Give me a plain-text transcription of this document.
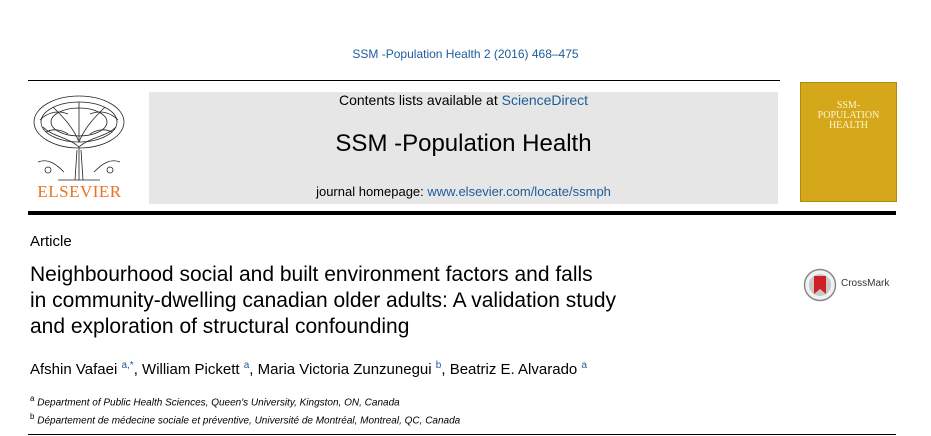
SSM -Population Health 2 (2016) 468–475
ELSEVIER
Contents lists available at ScienceDirect
SSM -Population Health
journal homepage: www.elsevier.com/locate/ssmph
SSM-
POPULATION
HEALTH
Article
Neighbourhood social and built environment factors and falls
in community-dwelling canadian older adults: A validation study
and exploration of structural confounding
CrossMark
Afshin Vafaei $^{a,*}$, William Pickett $^a$, Maria Victoria Zunzunegui $^b$, Beatriz E. Alvarado $^a$
$^a$ Department of Public Health Sciences, Queen's University, Kingston, ON, Canada
$^b$ Département de médecine sociale et préventive, Université de Montréal, Montreal, QC, Canada
